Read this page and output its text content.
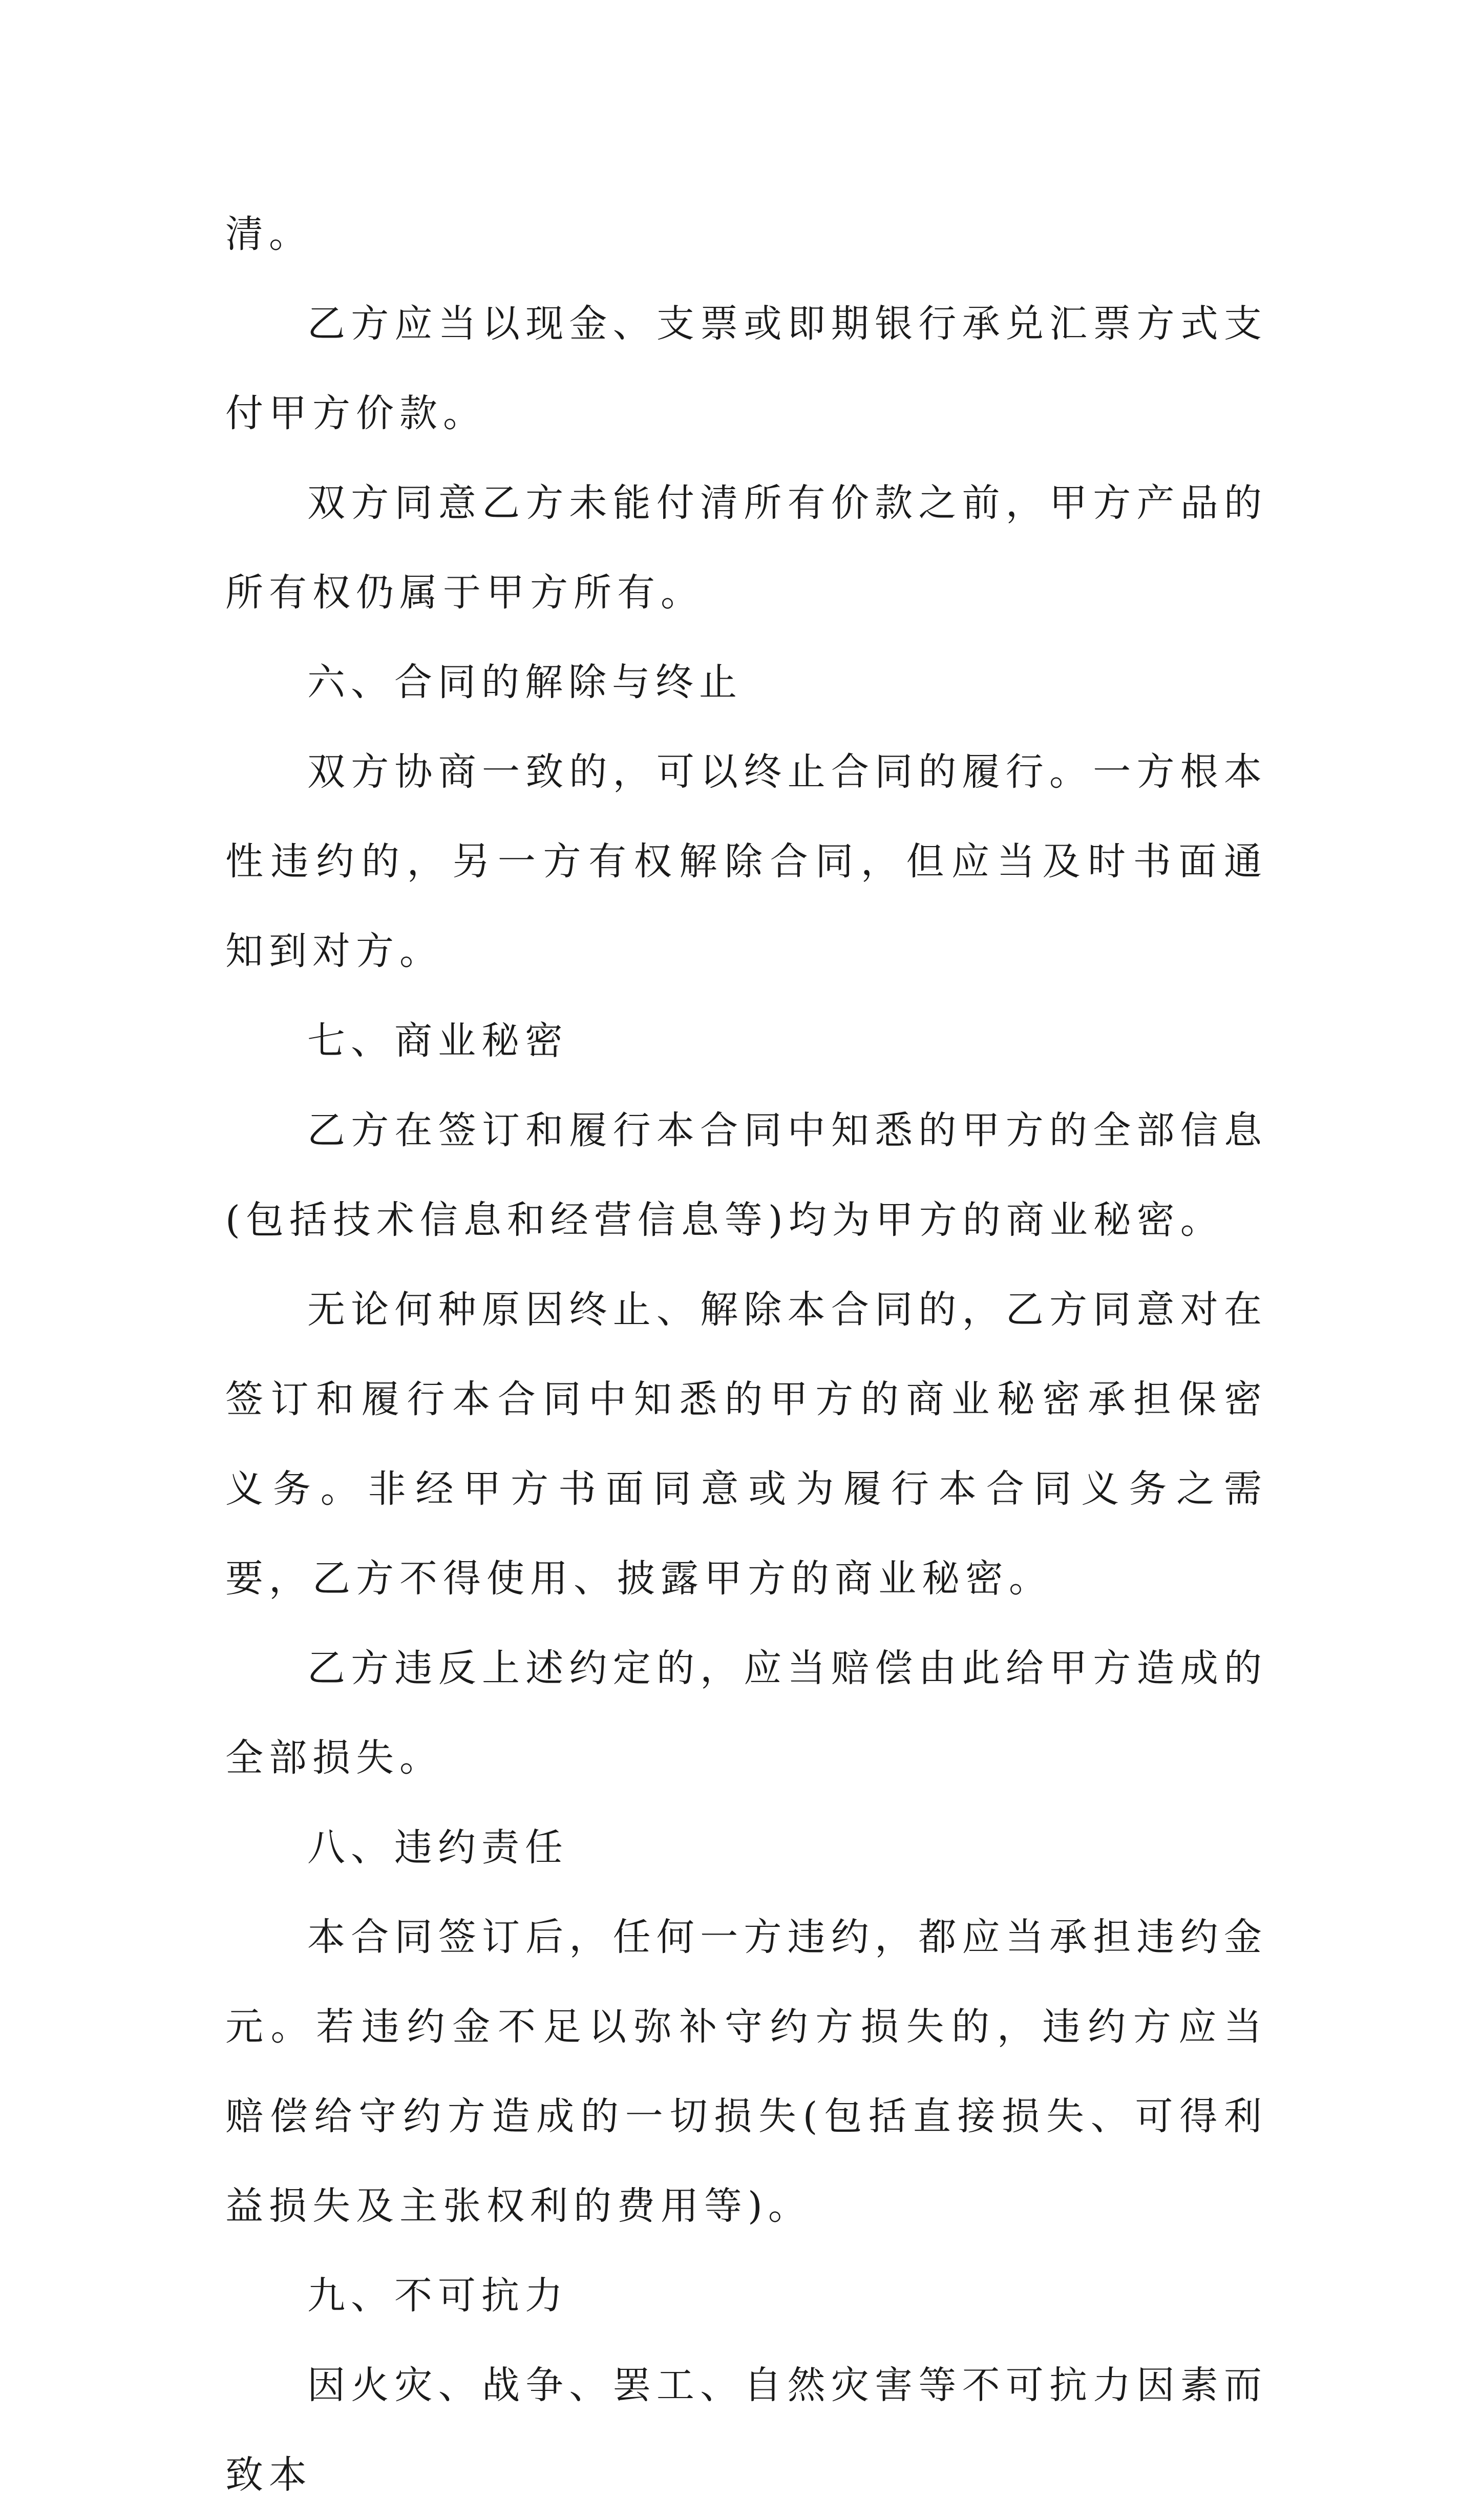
清。

乙方应当以现金、支票或即期银行承兑汇票方式支付甲方价款。

双方同意乙方未能付清所有价款之前，甲方产品的所有权仍属于甲方所有。

六、合同的解除与终止

双方协商一致的，可以终止合同的履行。一方根本性违约的，另一方有权解除合同，但应当及时书面通知到对方。

七、商业秘密

乙方在签订和履行本合同中知悉的甲方的全部信息(包括技术信息和经营信息等)均为甲方的商业秘密。

无论何种原因终止、解除本合同的，乙方同意对在签订和履行本合同中知悉的甲方的商业秘密承担保密义务。非经甲方书面同意或为履行本合同义务之需要，乙方不得使用、披露甲方的商业秘密。

乙方违反上述约定的，应当赔偿由此给甲方造成的全部损失。

八、违约责任

本合同签订后，任何一方违约，都应当承担违约金元。若违约金不足以弥补守约方损失的，违约方应当赔偿给守约方造成的一切损失(包括直接损失、可得利益损失及主张权利的费用等)。

九、不可抗力

因火灾、战争、罢工、自然灾害等不可抗力因素而致本
